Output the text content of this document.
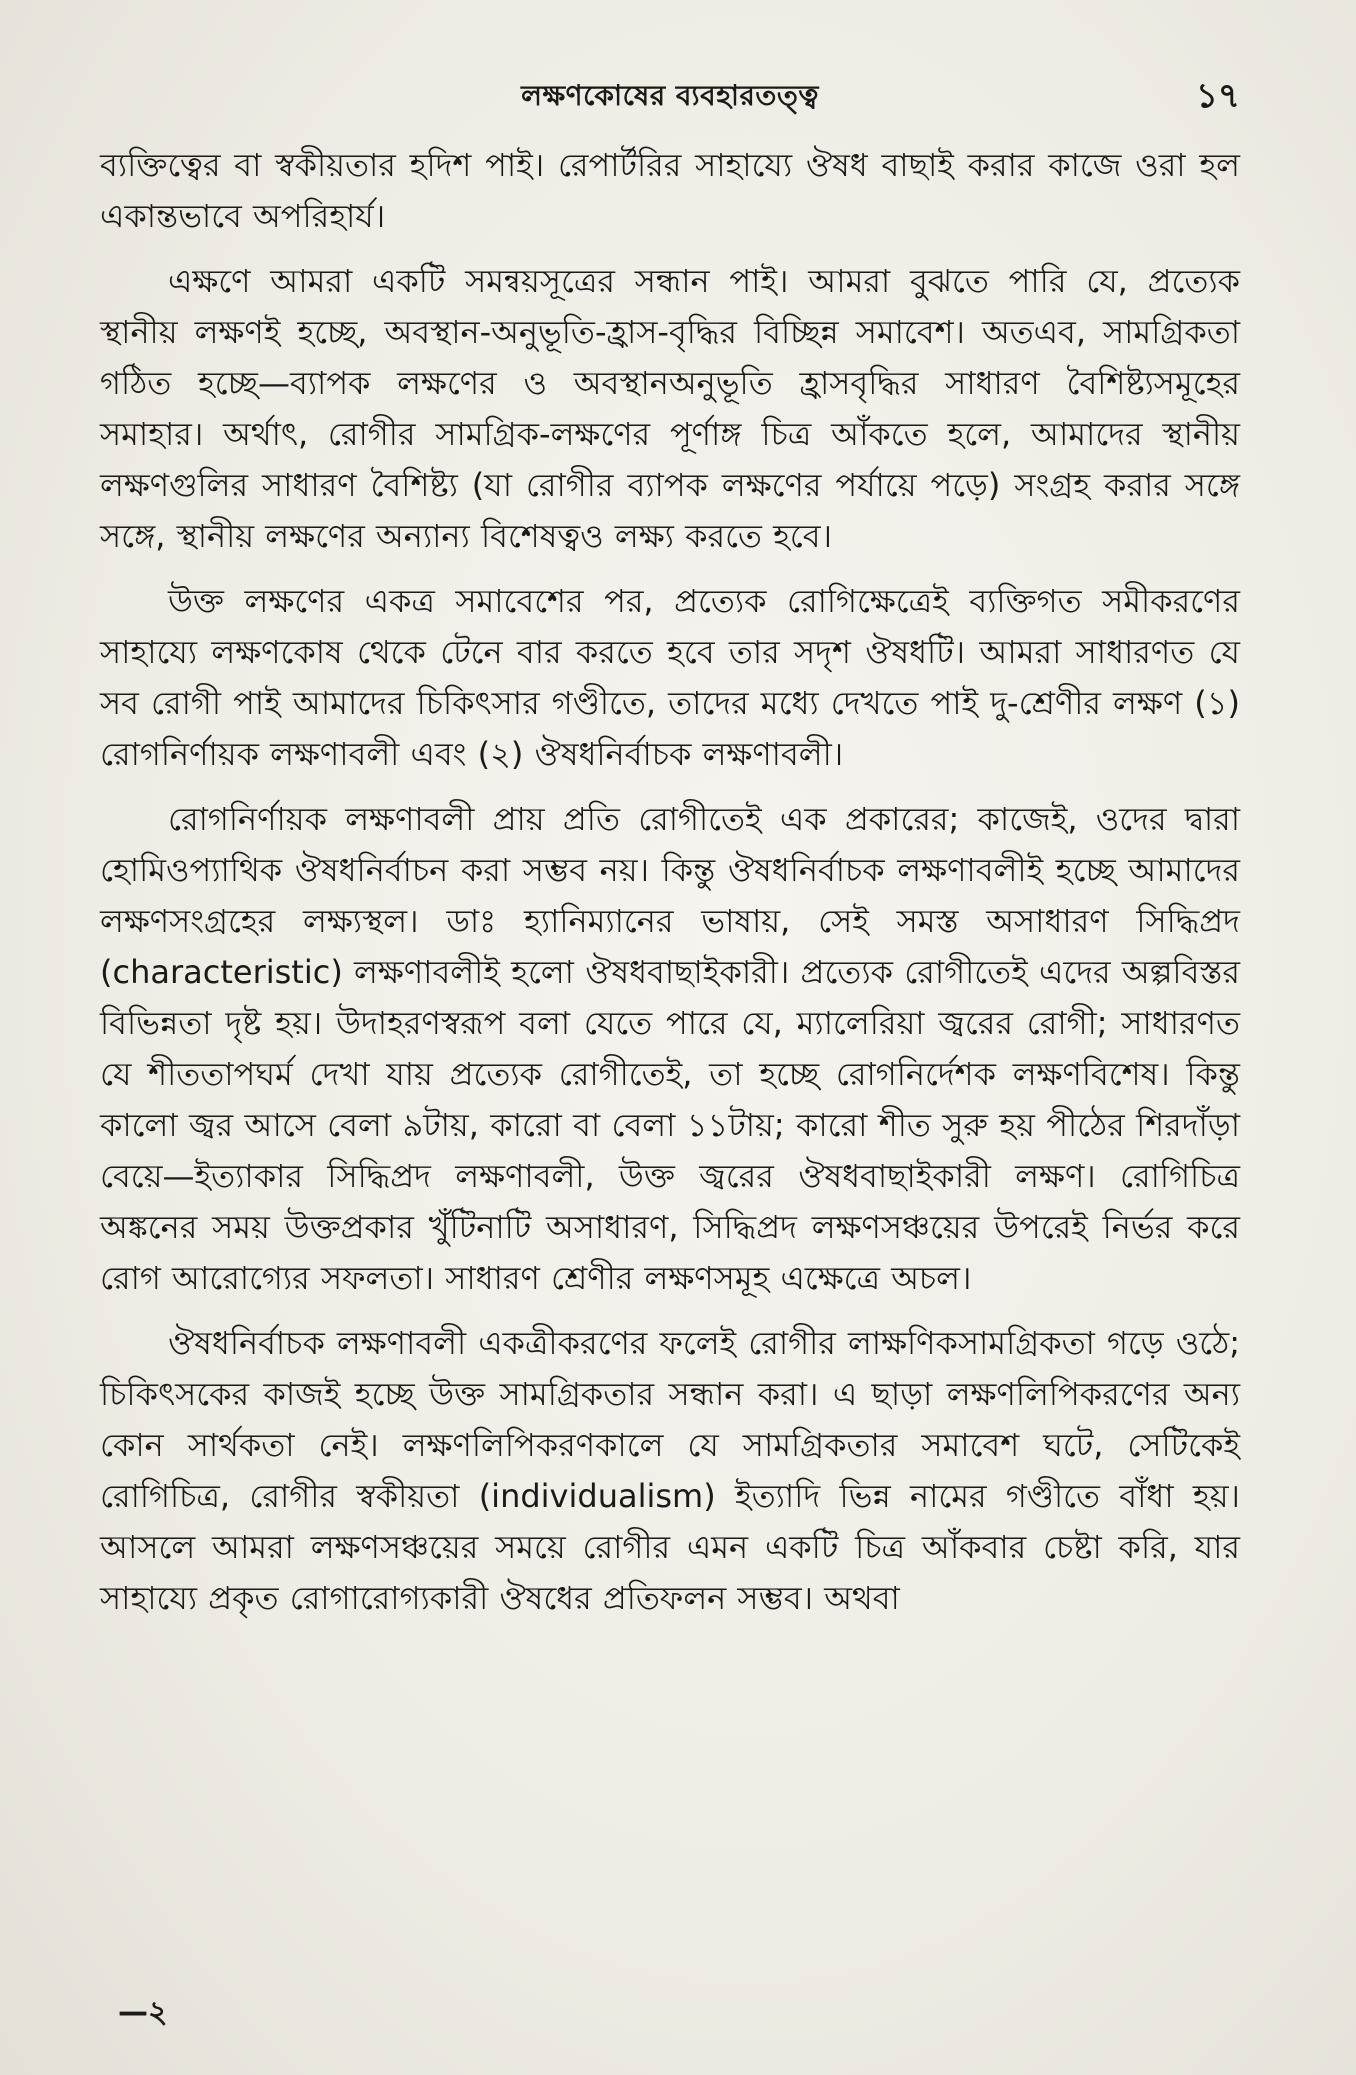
লক্ষণকোষের ব্যবহারতত্ত্ব	১৭

ব্যক্তিত্বের বা স্বকীয়তার হদিশ পাই। রেপার্টরির সাহায্যে ঔষধ বাছাই করার কাজে ওরা হল একান্তভাবে অপরিহার্য।

এক্ষণে আমরা একটি সমন্বয়সূত্রের সন্ধান পাই। আমরা বুঝতে পারি যে, প্রত্যেক স্থানীয় লক্ষণই হচ্ছে, অবস্থান-অনুভূতি-হ্রাস-বৃদ্ধির বিচ্ছিন্ন সমাবেশ। অতএব, সামগ্রিকতা গঠিত হচ্ছে—ব্যাপক লক্ষণের ও অবস্থানঅনুভূতি হ্রাসবৃদ্ধির সাধারণ বৈশিষ্ট্যসমূহের সমাহার। অর্থাৎ, রোগীর সামগ্রিক-লক্ষণের পূর্ণাঙ্গ চিত্র আঁকতে হলে, আমাদের স্থানীয় লক্ষণগুলির সাধারণ বৈশিষ্ট্য (যা রোগীর ব্যাপক লক্ষণের পর্যায়ে পড়ে) সংগ্রহ করার সঙ্গে সঙ্গে, স্থানীয় লক্ষণের অন্যান্য বিশেষত্বও লক্ষ্য করতে হবে।

উক্ত লক্ষণের একত্র সমাবেশের পর, প্রত্যেক রোগিক্ষেত্রেই ব্যক্তিগত সমীকরণের সাহায্যে লক্ষণকোষ থেকে টেনে বার করতে হবে তার সদৃশ ঔষধটি। আমরা সাধারণত যে সব রোগী পাই আমাদের চিকিৎসার গণ্ডীতে, তাদের মধ্যে দেখতে পাই দু-শ্রেণীর লক্ষণ (১) রোগনির্ণায়ক লক্ষণাবলী এবং (২) ঔষধনির্বাচক লক্ষণাবলী।

রোগনির্ণায়ক লক্ষণাবলী প্রায় প্রতি রোগীতেই এক প্রকারের; কাজেই, ওদের দ্বারা হোমিওপ্যাথিক ঔষধনির্বাচন করা সম্ভব নয়। কিন্তু ঔষধনির্বাচক লক্ষণাবলীই হচ্ছে আমাদের লক্ষণসংগ্রহের লক্ষ্যস্থল। ডাঃ হ্যানিম্যানের ভাষায়, সেই সমস্ত অসাধারণ সিদ্ধিপ্রদ (characteristic) লক্ষণাবলীই হলো ঔষধবাছাইকারী। প্রত্যেক রোগীতেই এদের অল্পবিস্তর বিভিন্নতা দৃষ্ট হয়। উদাহরণস্বরূপ বলা যেতে পারে যে, ম্যালেরিয়া জ্বরের রোগী; সাধারণত যে শীততাপঘর্ম দেখা যায় প্রত্যেক রোগীতেই, তা হচ্ছে রোগনির্দেশক লক্ষণবিশেষ। কিন্তু কালো জ্বর আসে বেলা ৯টায়, কারো বা বেলা ১১টায়; কারো শীত সুরু হয় পীঠের শিরদাঁড়া বেয়ে—ইত্যাকার সিদ্ধিপ্রদ লক্ষণাবলী, উক্ত জ্বরের ঔষধবাছাইকারী লক্ষণ। রোগিচিত্র অঙ্কনের সময় উক্তপ্রকার খুঁটিনাটি অসাধারণ, সিদ্ধিপ্রদ লক্ষণসঞ্চয়ের উপরেই নির্ভর করে রোগ আরোগ্যের সফলতা। সাধারণ শ্রেণীর লক্ষণসমূহ এক্ষেত্রে অচল।

ঔষধনির্বাচক লক্ষণাবলী একত্রীকরণের ফলেই রোগীর লাক্ষণিকসামগ্রিকতা গড়ে ওঠে; চিকিৎসকের কাজই হচ্ছে উক্ত সামগ্রিকতার সন্ধান করা। এ ছাড়া লক্ষণলিপিকরণের অন্য কোন সার্থকতা নেই। লক্ষণলিপিকরণকালে যে সামগ্রিকতার সমাবেশ ঘটে, সেটিকেই রোগিচিত্র, রোগীর স্বকীয়তা (individualism) ইত্যাদি ভিন্ন নামের গণ্ডীতে বাঁধা হয়। আসলে আমরা লক্ষণসঞ্চয়ের সময়ে রোগীর এমন একটি চিত্র আঁকবার চেষ্টা করি, যার সাহায্যে প্রকৃত রোগারোগ্যকারী ঔষধের প্রতিফলন সম্ভব। অথবা

—২
